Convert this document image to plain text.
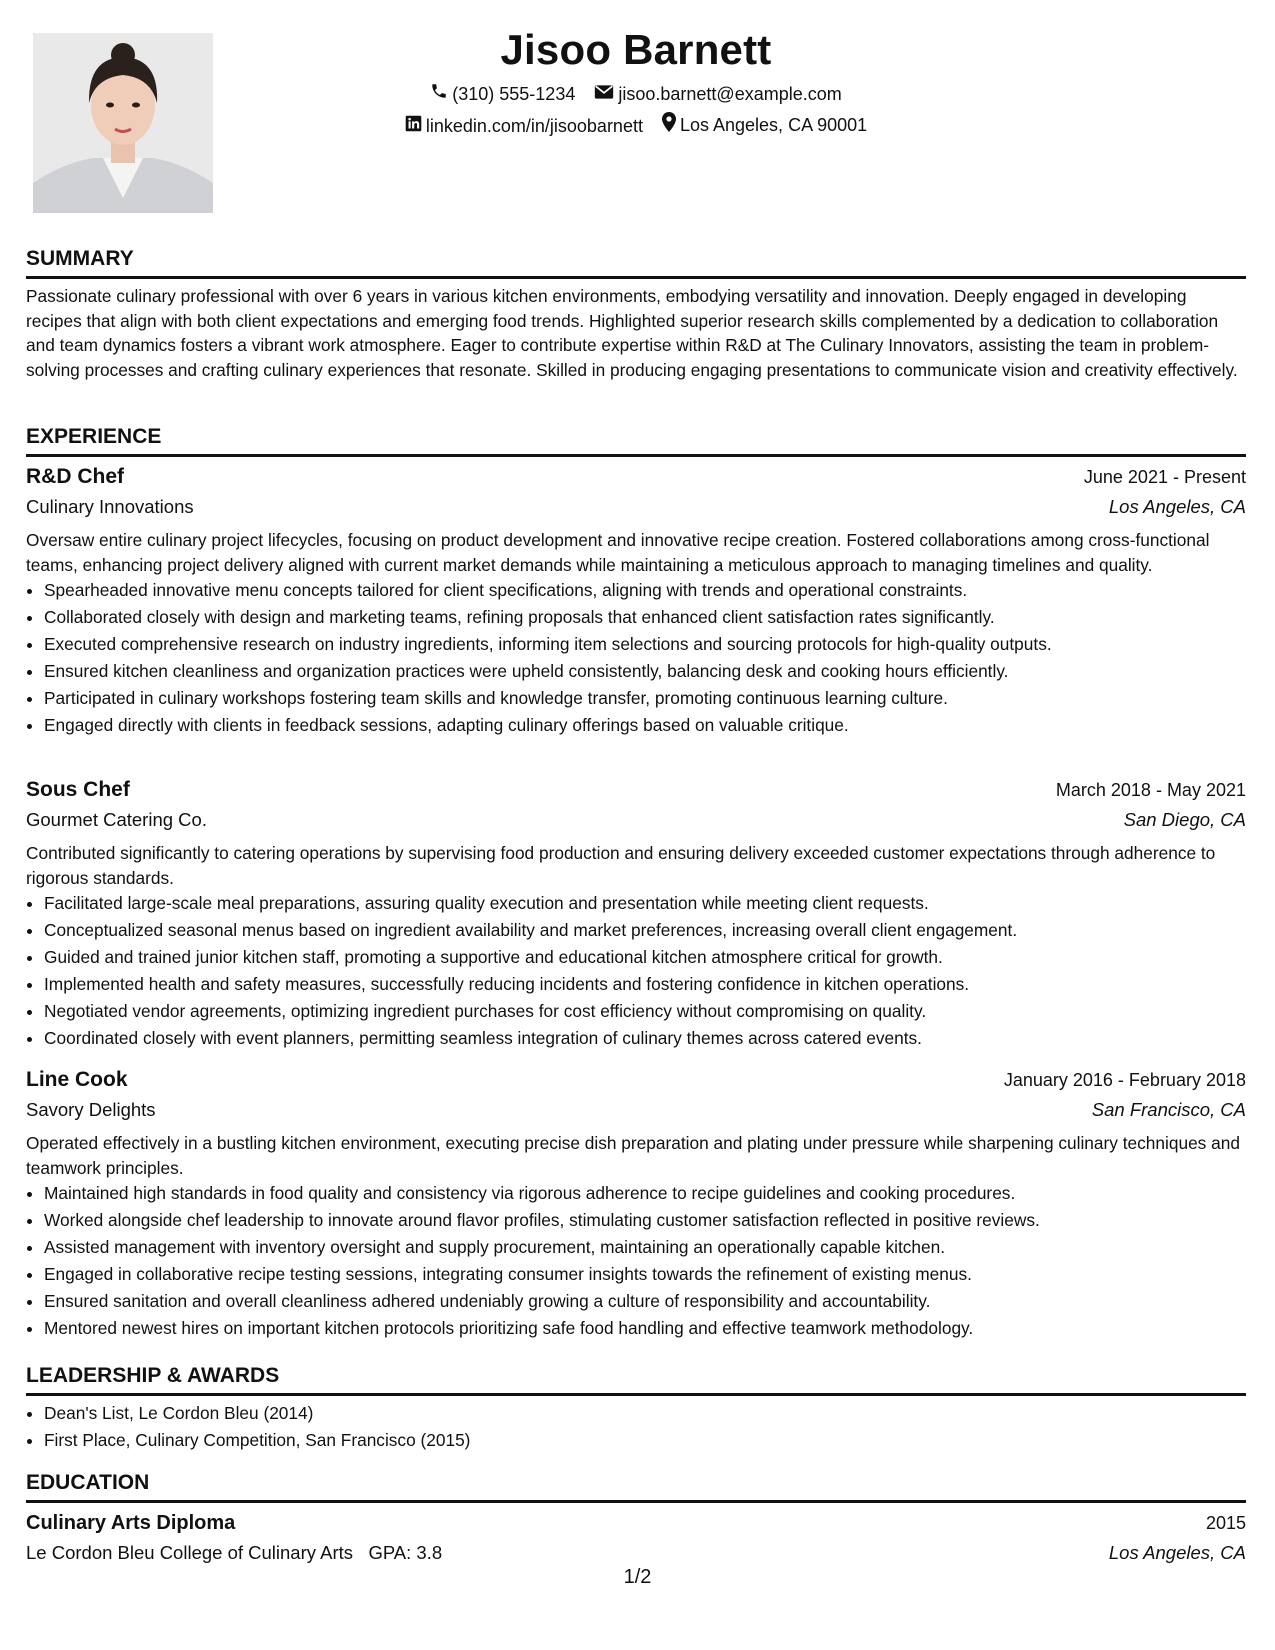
Jisoo Barnett
(310) 555-1234
jisoo.barnett@example.com
linkedin.com/in/jisoobarnett
Los Angeles, CA 90001
SUMMARY
Passionate culinary professional with over 6 years in various kitchen environments, embodying versatility and innovation. Deeply engaged in developing recipes that align with both client expectations and emerging food trends. Highlighted superior research skills complemented by a dedication to collaboration and team dynamics fosters a vibrant work atmosphere. Eager to contribute expertise within R&D at The Culinary Innovators, assisting the team in problem-solving processes and crafting culinary experiences that resonate. Skilled in producing engaging presentations to communicate vision and creativity effectively.
EXPERIENCE
R&D Chef	June 2021 - Present
Culinary Innovations	Los Angeles, CA
Oversaw entire culinary project lifecycles, focusing on product development and innovative recipe creation. Fostered collaborations among cross-functional teams, enhancing project delivery aligned with current market demands while maintaining a meticulous approach to managing timelines and quality.
• Spearheaded innovative menu concepts tailored for client specifications, aligning with trends and operational constraints.
• Collaborated closely with design and marketing teams, refining proposals that enhanced client satisfaction rates significantly.
• Executed comprehensive research on industry ingredients, informing item selections and sourcing protocols for high-quality outputs.
• Ensured kitchen cleanliness and organization practices were upheld consistently, balancing desk and cooking hours efficiently.
• Participated in culinary workshops fostering team skills and knowledge transfer, promoting continuous learning culture.
• Engaged directly with clients in feedback sessions, adapting culinary offerings based on valuable critique.
Sous Chef	March 2018 - May 2021
Gourmet Catering Co.	San Diego, CA
Contributed significantly to catering operations by supervising food production and ensuring delivery exceeded customer expectations through adherence to rigorous standards.
• Facilitated large-scale meal preparations, assuring quality execution and presentation while meeting client requests.
• Conceptualized seasonal menus based on ingredient availability and market preferences, increasing overall client engagement.
• Guided and trained junior kitchen staff, promoting a supportive and educational kitchen atmosphere critical for growth.
• Implemented health and safety measures, successfully reducing incidents and fostering confidence in kitchen operations.
• Negotiated vendor agreements, optimizing ingredient purchases for cost efficiency without compromising on quality.
• Coordinated closely with event planners, permitting seamless integration of culinary themes across catered events.
Line Cook	January 2016 - February 2018
Savory Delights	San Francisco, CA
Operated effectively in a bustling kitchen environment, executing precise dish preparation and plating under pressure while sharpening culinary techniques and teamwork principles.
• Maintained high standards in food quality and consistency via rigorous adherence to recipe guidelines and cooking procedures.
• Worked alongside chef leadership to innovate around flavor profiles, stimulating customer satisfaction reflected in positive reviews.
• Assisted management with inventory oversight and supply procurement, maintaining an operationally capable kitchen.
• Engaged in collaborative recipe testing sessions, integrating consumer insights towards the refinement of existing menus.
• Ensured sanitation and overall cleanliness adhered undeniably growing a culture of responsibility and accountability.
• Mentored newest hires on important kitchen protocols prioritizing safe food handling and effective teamwork methodology.
LEADERSHIP & AWARDS
• Dean's List, Le Cordon Bleu (2014)
• First Place, Culinary Competition, San Francisco (2015)
EDUCATION
Culinary Arts Diploma	2015
Le Cordon Bleu College of Culinary Arts GPA: 3.8	Los Angeles, CA
1/2
